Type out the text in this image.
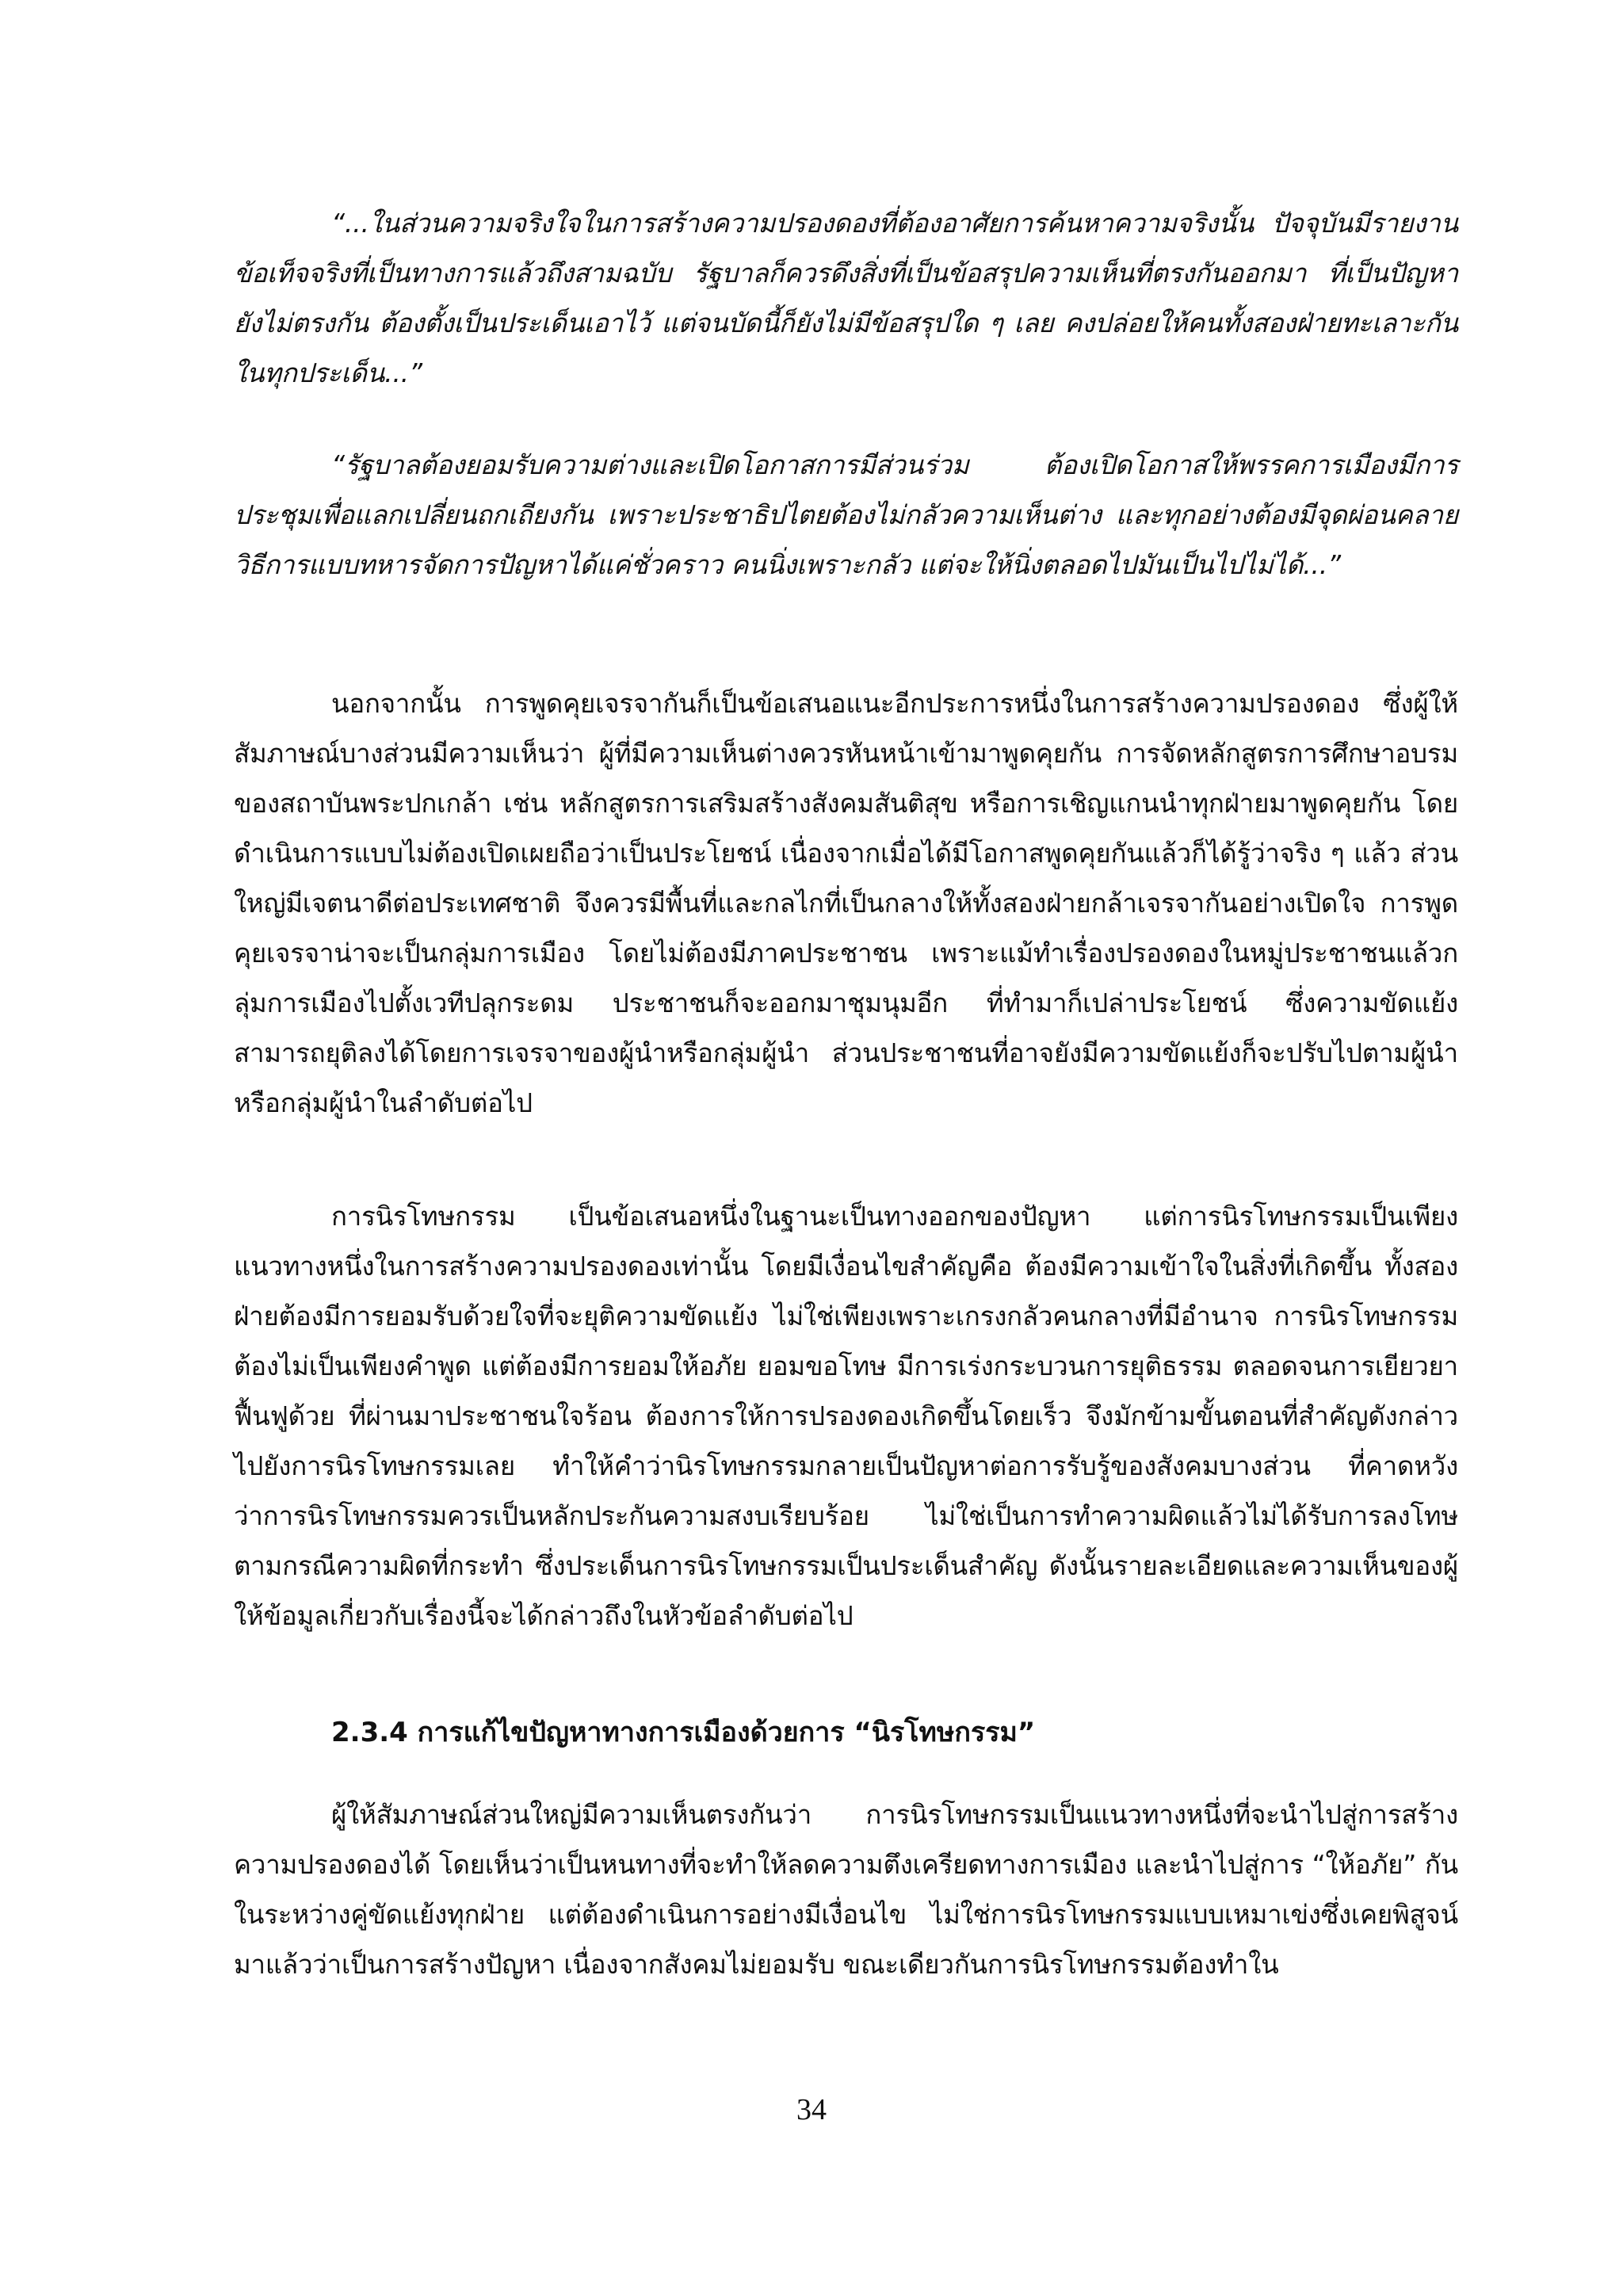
“...ในส่วนความจริงใจในการสร้างความปรองดองที่ต้องอาศัยการค้นหาความจริงนั้น ปัจจุบันมีรายงานข้อเท็จจริงที่เป็นทางการแล้วถึงสามฉบับ รัฐบาลก็ควรดึงสิ่งที่เป็นข้อสรุปความเห็นที่ตรงกันออกมา ที่เป็นปัญหายังไม่ตรงกัน ต้องตั้งเป็นประเด็นเอาไว้ แต่จนบัดนี้ก็ยังไม่มีข้อสรุปใด ๆ เลย คงปล่อยให้คนทั้งสองฝ่ายทะเลาะกันในทุกประเด็น...”

“รัฐบาลต้องยอมรับความต่างและเปิดโอกาสการมีส่วนร่วม ต้องเปิดโอกาสให้พรรคการเมืองมีการประชุมเพื่อแลกเปลี่ยนถกเถียงกัน เพราะประชาธิปไตยต้องไม่กลัวความเห็นต่าง และทุกอย่างต้องมีจุดผ่อนคลาย วิธีการแบบทหารจัดการปัญหาได้แค่ชั่วคราว คนนิ่งเพราะกลัว แต่จะให้นิ่งตลอดไปมันเป็นไปไม่ได้...”

นอกจากนั้น การพูดคุยเจรจากันก็เป็นข้อเสนอแนะอีกประการหนึ่งในการสร้างความปรองดอง ซึ่งผู้ให้สัมภาษณ์บางส่วนมีความเห็นว่า ผู้ที่มีความเห็นต่างควรหันหน้าเข้ามาพูดคุยกัน การจัดหลักสูตรการศึกษาอบรมของสถาบันพระปกเกล้า เช่น หลักสูตรการเสริมสร้างสังคมสันติสุข หรือการเชิญแกนนำทุกฝ่ายมาพูดคุยกัน โดยดำเนินการแบบไม่ต้องเปิดเผยถือว่าเป็นประโยชน์ เนื่องจากเมื่อได้มีโอกาสพูดคุยกันแล้วก็ได้รู้ว่าจริง ๆ แล้ว ส่วนใหญ่มีเจตนาดีต่อประเทศชาติ จึงควรมีพื้นที่และกลไกที่เป็นกลางให้ทั้งสองฝ่ายกล้าเจรจากันอย่างเปิดใจ การพูดคุยเจรจาน่าจะเป็นกลุ่มการเมือง โดยไม่ต้องมีภาคประชาชน เพราะแม้ทำเรื่องปรองดองในหมู่ประชาชนแล้วกลุ่มการเมืองไปตั้งเวทีปลุกระดม ประชาชนก็จะออกมาชุมนุมอีก ที่ทำมาก็เปล่าประโยชน์ ซึ่งความขัดแย้งสามารถยุติลงได้โดยการเจรจาของผู้นำหรือกลุ่มผู้นำ ส่วนประชาชนที่อาจยังมีความขัดแย้งก็จะปรับไปตามผู้นำหรือกลุ่มผู้นำในลำดับต่อไป

การนิรโทษกรรม เป็นข้อเสนอหนึ่งในฐานะเป็นทางออกของปัญหา แต่การนิรโทษกรรมเป็นเพียงแนวทางหนึ่งในการสร้างความปรองดองเท่านั้น โดยมีเงื่อนไขสำคัญคือ ต้องมีความเข้าใจในสิ่งที่เกิดขึ้น ทั้งสองฝ่ายต้องมีการยอมรับด้วยใจที่จะยุติความขัดแย้ง ไม่ใช่เพียงเพราะเกรงกลัวคนกลางที่มีอำนาจ การนิรโทษกรรมต้องไม่เป็นเพียงคำพูด แต่ต้องมีการยอมให้อภัย ยอมขอโทษ มีการเร่งกระบวนการยุติธรรม ตลอดจนการเยียวยาฟื้นฟูด้วย ที่ผ่านมาประชาชนใจร้อน ต้องการให้การปรองดองเกิดขึ้นโดยเร็ว จึงมักข้ามขั้นตอนที่สำคัญดังกล่าวไปยังการนิรโทษกรรมเลย ทำให้คำว่านิรโทษกรรมกลายเป็นปัญหาต่อการรับรู้ของสังคมบางส่วน ที่คาดหวังว่าการนิรโทษกรรมควรเป็นหลักประกันความสงบเรียบร้อย ไม่ใช่เป็นการทำความผิดแล้วไม่ได้รับการลงโทษตามกรณีความผิดที่กระทำ ซึ่งประเด็นการนิรโทษกรรมเป็นประเด็นสำคัญ ดังนั้นรายละเอียดและความเห็นของผู้ให้ข้อมูลเกี่ยวกับเรื่องนี้จะได้กล่าวถึงในหัวข้อลำดับต่อไป

2.3.4 การแก้ไขปัญหาทางการเมืองด้วยการ “นิรโทษกรรม”

ผู้ให้สัมภาษณ์ส่วนใหญ่มีความเห็นตรงกันว่า การนิรโทษกรรมเป็นแนวทางหนึ่งที่จะนำไปสู่การสร้างความปรองดองได้ โดยเห็นว่าเป็นหนทางที่จะทำให้ลดความตึงเครียดทางการเมือง และนำไปสู่การ “ให้อภัย” กันในระหว่างคู่ขัดแย้งทุกฝ่าย แต่ต้องดำเนินการอย่างมีเงื่อนไข ไม่ใช่การนิรโทษกรรมแบบเหมาเข่งซึ่งเคยพิสูจน์มาแล้วว่าเป็นการสร้างปัญหา เนื่องจากสังคมไม่ยอมรับ ขณะเดียวกันการนิรโทษกรรมต้องทำใน

34
